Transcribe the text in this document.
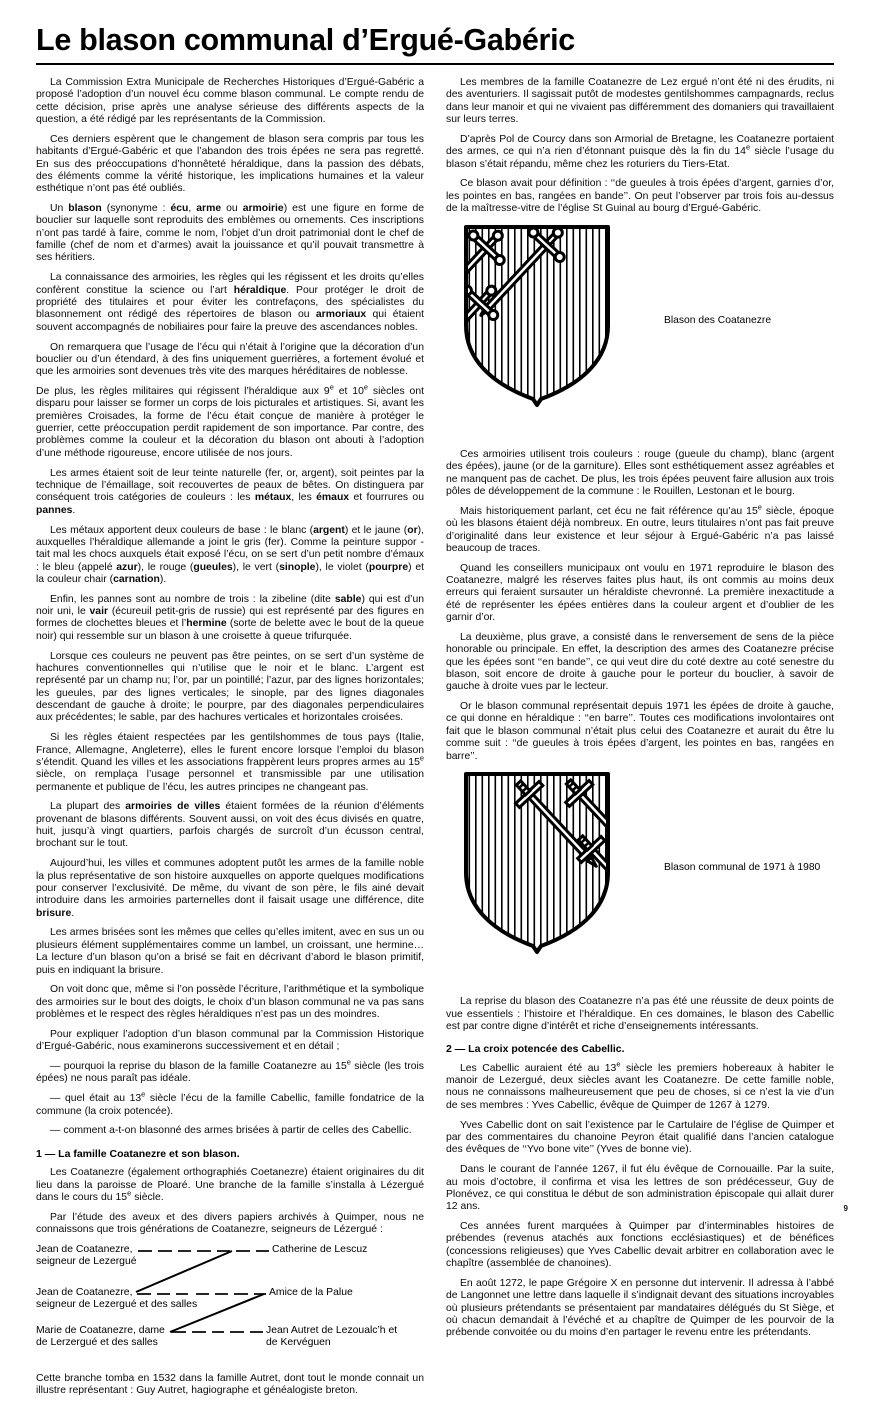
Le blason communal d’Ergué-Gabéric

La Commission Extra Municipale de Recherches Historiques d’Ergué-Gabéric a proposé l’adoption d’un nouvel écu comme blason communal. Le compte rendu de cette décision, prise après une analyse sérieuse des différents aspects de la question, a été rédigé par les représentants de la Commission.

Ces derniers espèrent que le changement de blason sera compris par tous les habitants d’Ergué-Gabéric et que l’abandon des trois épées ne sera pas regretté. En sus des préoccupations d’honnêteté héraldique, dans la passion des débats, des éléments comme la vérité historique, les implications humaines et la valeur esthétique n’ont pas été oubliés.

Un blason (synonyme : écu, arme ou armoirie) est une figure en forme de bouclier sur laquelle sont reproduits des emblèmes ou ornements. Ces inscriptions n’ont pas tardé à faire, comme le nom, l’objet d’un droit patrimonial dont le chef de famille (chef de nom et d’armes) avait la jouissance et qu’il pouvait transmettre à ses héritiers.

La connaissance des armoiries, les règles qui les régissent et les droits qu’elles confèrent constitue la science ou l’art héraldique. Pour protéger le droit de propriété des titulaires et pour éviter les contrefaçons, des spécialistes du blasonnement ont rédigé des répertoires de blason ou armoriaux qui étaient souvent accompagnés de nobiliaires pour faire la preuve des ascendances nobles.

On remarquera que l’usage de l’écu qui n’était à l’origine que la décoration d’un bouclier ou d’un étendard, à des fins uniquement guerrières, a fortement évolué et que les armoiries sont devenues très vite des marques héréditaires de noblesse.

De plus, les règles militaires qui régissent l’héraldique aux 9e et 10e siècles ont disparu pour laisser se former un corps de lois picturales et artistiques. Si, avant les premières Croisades, la forme de l’écu était conçue de manière à protéger le guerrier, cette préoccupation perdit rapidement de son importance. Par contre, des problèmes comme la couleur et la décoration du blason ont abouti à l’adoption d’une méthode rigoureuse, encore utilisée de nos jours.

Les armes étaient soit de leur teinte naturelle (fer, or, argent), soit peintes par la technique de l’émaillage, soit recouvertes de peaux de bêtes. On distinguera par conséquent trois catégories de couleurs : les métaux, les émaux et fourrures ou pannes.

Les métaux apportent deux couleurs de base : le blanc (argent) et le jaune (or), auxquelles l’héraldique allemande a joint le gris (fer). Comme la peinture suppor - tait mal les chocs auxquels était exposé l’écu, on se sert d’un petit nombre d’émaux : le bleu (appelé azur), le rouge (gueules), le vert (sinople), le violet (pourpre) et la couleur chair (carnation).

Enfin, les pannes sont au nombre de trois : la zibeline (dite sable) qui est d’un noir uni, le vair (écureuil petit-gris de russie) qui est représenté par des figures en formes de clochettes bleues et l’hermine (sorte de belette avec le bout de la queue noir) qui ressemble sur un blason à une croisette à queue trifurquée.

Lorsque ces couleurs ne peuvent pas être peintes, on se sert d’un système de hachures conventionnelles qui n’utilise que le noir et le blanc. L’argent est représenté par un champ nu; l’or, par un pointillé; l’azur, par des lignes horizontales; les gueules, par des lignes verticales; le sinople, par des lignes diagonales descendant de gauche à droite; le pourpre, par des diagonales perpendiculaires aux précédentes; le sable, par des hachures verticales et horizontales croisées.

Si les règles étaient respectées par les gentilshommes de tous pays (Italie, France, Allemagne, Angleterre), elles le furent encore lorsque l’emploi du blason s’étendit. Quand les villes et les associations frappèrent leurs propres armes au 15e siècle, on remplaça l’usage personnel et transmissible par une utilisation permanente et publique de l’écu, les autres principes ne changeant pas.

La plupart des armoiries de villes étaient formées de la réunion d’éléments provenant de blasons différents. Souvent aussi, on voit des écus divisés en quatre, huit, jusqu’à vingt quartiers, parfois chargés de surcroît d’un écusson central, brochant sur le tout.

Aujourd’hui, les villes et communes adoptent putôt les armes de la famille noble la plus représentative de son histoire auxquelles on apporte quelques modifications pour conserver l’exclusivité. De même, du vivant de son père, le fils ainé devait introduire dans les armoiries parternelles dont il faisait usage une différence, dite brisure.

Les armes brisées sont les mêmes que celles qu’elles imitent, avec en sus un ou plusieurs élément supplémentaires comme un lambel, un croissant, une hermine… La lecture d’un blason qu’on a brisé se fait en décrivant d’abord le blason primitif, puis en indiquant la brisure.

On voit donc que, même si l’on possède l’écriture, l’arithmétique et la symbolique des armoiries sur le bout des doigts, le choix d’un blason communal ne va pas sans problèmes et le respect des règles héraldiques n’est pas un des moindres.

Pour expliquer l’adoption d’un blason communal par la Commission Historique d’Ergué-Gabéric, nous examinerons successivement et en détail ;

— pourquoi la reprise du blason de la famille Coatanezre au 15e siècle (les trois épées) ne nous paraît pas idéale.

— quel était au 13e siècle l’écu de la famille Cabellic, famille fondatrice de la commune (la croix potencée).

— comment a-t-on blasonné des armes brisées à partir de celles des Cabellic.

1 — La famille Coatanezre et son blason.

Les Coatanezre (également orthographiés Coetanezre) étaient originaires du dit lieu dans la paroisse de Ploaré. Une branche de la famille s’installa à Lézergué dans le cours du 15e siècle.

Par l’étude des aveux et des divers papiers archivés à Quimper, nous ne connaissons que trois générations de Coatanezre, seigneurs de Lézergué :

Jean de Coatanezre,
seigneur de Lezergué
Catherine de Lescuz
Jean de Coatanezre,
seigneur de Lezergué et des salles
Amice de la Palue
Marie de Coatanezre, dame
de Lerzergué et des salles
Jean Autret de Lezoualc’h et
de Kervéguen

Cette branche tomba en 1532 dans la famille Autret, dont tout le monde connait un illustre représentant : Guy Autret, hagiographe et généalogiste breton.

Les membres de la famille Coatanezre de Lez ergué n’ont été ni des érudits, ni des aventuriers. Il sagissait putôt de modestes gentilshommes campagnards, reclus dans leur manoir et qui ne vivaient pas différemment des domaniers qui travaillaient sur leurs terres.

D’après Pol de Courcy dans son Armorial de Bretagne, les Coatanezre portaient des armes, ce qui n’a rien d’étonnant puisque dès la fin du 14e siècle l’usage du blason s’était répandu, même chez les roturiers du Tiers-Etat.

Ce blason avait pour définition : ‘‘de gueules à trois épées d’argent, garnies d’or, les pointes en bas, rangées en bande’’. On peut l’observer par trois fois au-dessus de la maîtresse-vitre de l’église St Guinal au bourg d’Ergué-Gabéric.

Blason des Coatanezre

Ces armoiries utilisent trois couleurs : rouge (gueule du champ), blanc (argent des épées), jaune (or de la garniture). Elles sont esthétiquement assez agréables et ne manquent pas de cachet. De plus, les trois épées peuvent faire allusion aux trois pôles de développement de la commune : le Rouillen, Lestonan et le bourg.

Mais historiquement parlant, cet écu ne fait référence qu’au 15e siècle, époque où les blasons étaient déjà nombreux. En outre, leurs titulaires n’ont pas fait preuve d’originalité dans leur existence et leur séjour à Ergué-Gabéric n’a pas laissé beaucoup de traces.

Quand les conseillers municipaux ont voulu en 1971 reproduire le blason des Coatanezre, malgré les réserves faites plus haut, ils ont commis au moins deux erreurs qui feraient sursauter un héraldiste chevronné. La première inexactitude a été de représenter les épées entières dans la couleur argent et d’oublier de les garnir d’or.

La deuxième, plus grave, a consisté dans le renversement de sens de la pièce honorable ou principale. En effet, la description des armes des Coatanezre précise que les épées sont ‘‘en bande’’, ce qui veut dire du coté dextre au coté senestre du blason, soit encore de droite à gauche pour le porteur du bouclier, à savoir de gauche à droite vues par le lecteur.

Or le blason communal représentait depuis 1971 les épées de droite à gauche, ce qui donne en héraldique : ‘‘en barre’’. Toutes ces modifications involontaires ont fait que le blason communal n’était plus celui des Coatanezre et aurait du être lu comme suit : ‘‘de gueules à trois épées d’argent, les pointes en bas, rangées en barre’’.

Blason communal de 1971 à 1980

La reprise du blason des Coatanezre n’a pas été une réussite de deux points de vue essentiels : l’histoire et l’héraldique. En ces domaines, le blason des Cabellic est par contre digne d’intérêt et riche d’enseignements intéressants.

2 — La croix potencée des Cabellic.

Les Cabellic auraient été au 13e siècle les premiers hobereaux à habiter le manoir de Lezergué, deux siècles avant les Coatanezre. De cette famille noble, nous ne connaissons malheureusement que peu de choses, si ce n’est la vie d’un de ses membres : Yves Cabellic, évêque de Quimper de 1267 à 1279.

Yves Cabellic dont on sait l’existence par le Cartulaire de l’église de Quimper et par des commentaires du chanoine Peyron était qualifié dans l’ancien catalogue des évêques de ‘‘Yvo bone vite’’ (Yves de bonne vie).

Dans le courant de l’année 1267, il fut élu évêque de Cornouaille. Par la suite, au mois d’octobre, il confirma et visa les lettres de son prédécesseur, Guy de Plonévez, ce qui constitua le début de son administration épiscopale qui allait durer 12 ans.

Ces années furent marquées à Quimper par d’interminables histoires de prébendes (revenus atachés aux fonctions ecclésiastiques) et de bénéfices (concessions religieuses) que Yves Cabellic devait arbitrer en collaboration avec le chapître (assemblée de chanoines).

En août 1272, le pape Grégoire X en personne dut intervenir. Il adressa à l’abbé de Langonnet une lettre dans laquelle il s’indignait devant des situations incroyables où plusieurs prétendants se présentaient par mandataires délégués du St Siège, et où chacun demandait à l’évéché et aɹ chapître de Quimper de les pourvoir de la prébende convoitée ou du moins d’en partager le revenu entre les prétendants.

9
